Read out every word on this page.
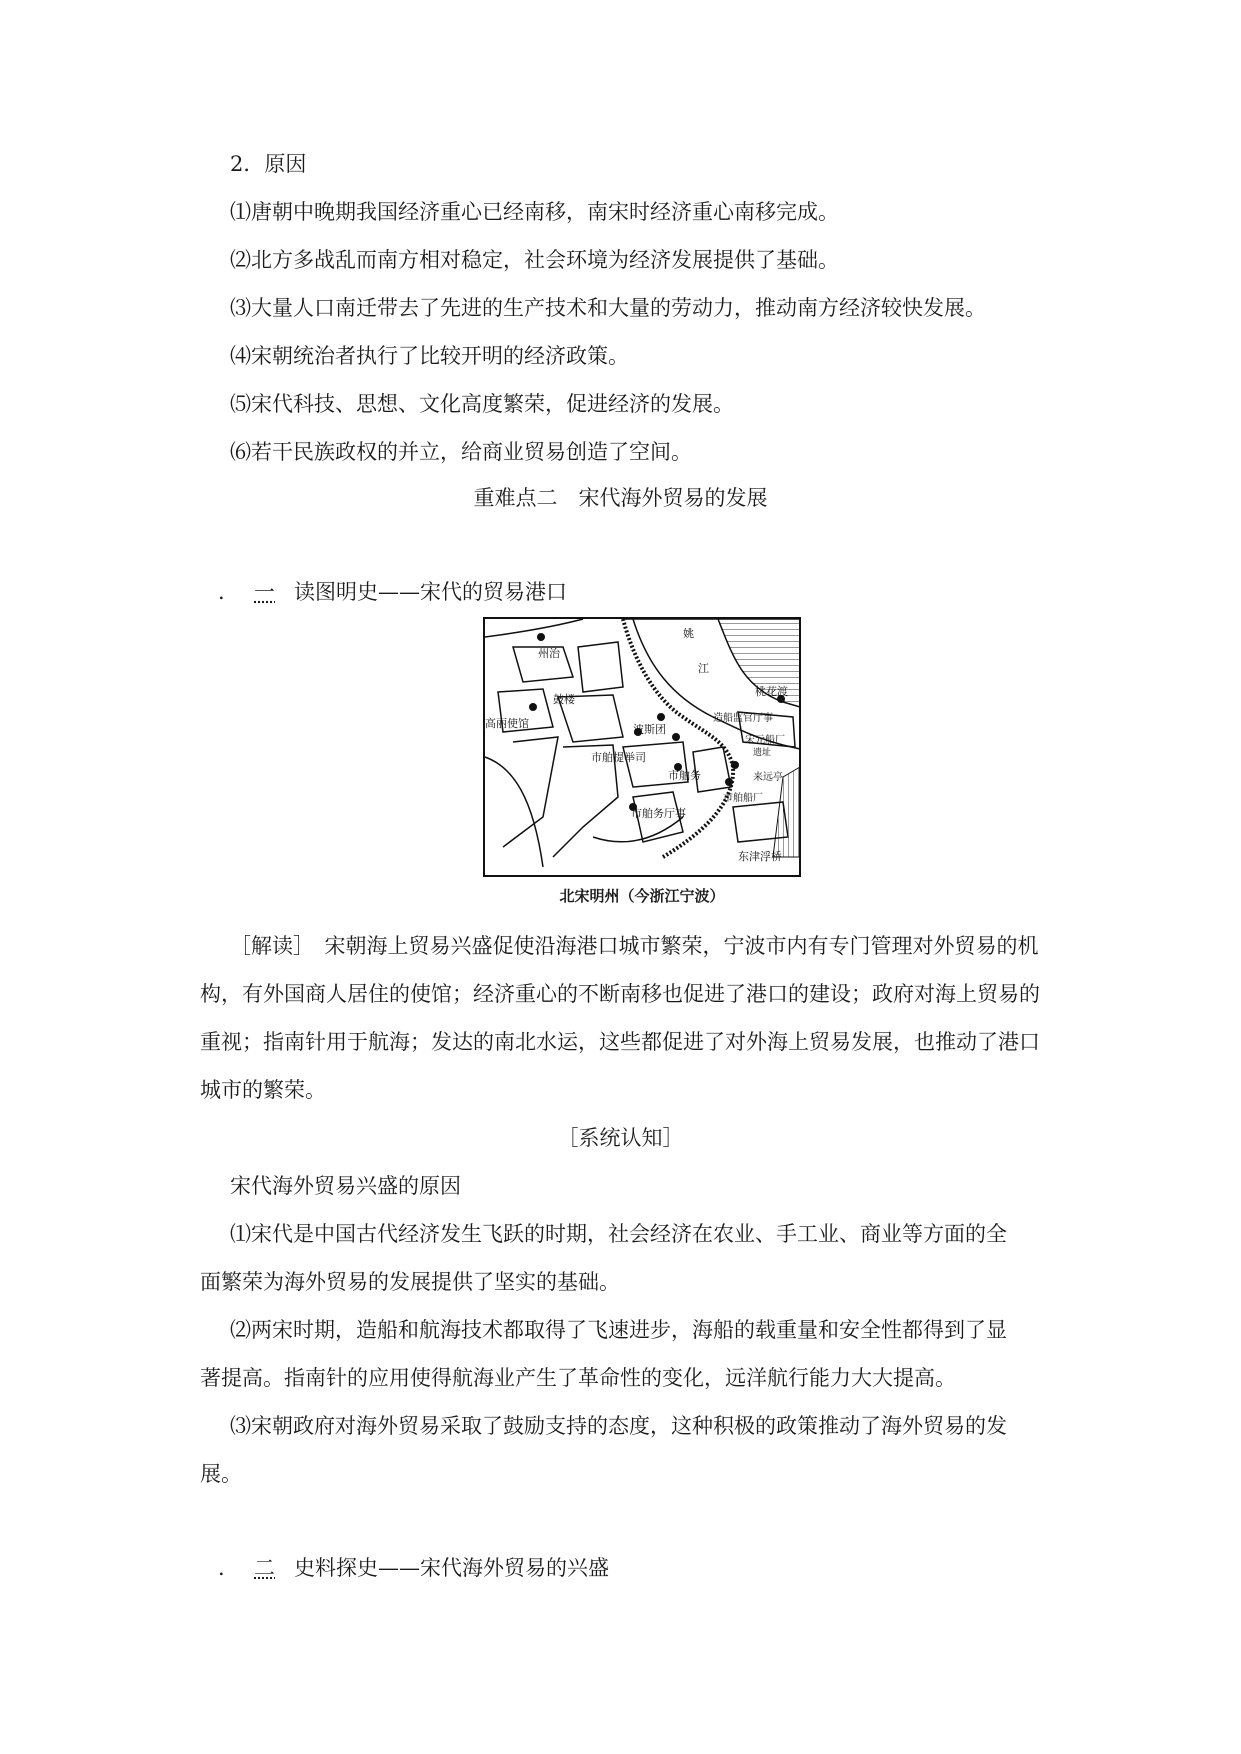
2．原因
⑴唐朝中晚期我国经济重心已经南移，南宋时经济重心南移完成。
⑵北方多战乱而南方相对稳定，社会环境为经济发展提供了基础。
⑶大量人口南迁带去了先进的生产技术和大量的劳动力，推动南方经济较快发展。
⑷宋朝统治者执行了比较开明的经济政策。
⑸宋代科技、思想、文化高度繁荣，促进经济的发展。
⑹若干民族政权的并立，给商业贸易创造了空间。
重难点二　宋代海外贸易的发展
. 一 读图明史——宋代的贸易港口
州治
姚
江
桃花渡
鼓楼
高丽使馆	波斯团
造船监官厅事
宋元船厂
遗址
市舶提举司
市舶务	来远亭
市舶务厅事
市舶船厂
东津浮桥
北宋明州（今浙江宁波）
［解读］　宋朝海上贸易兴盛促使沿海港口城市繁荣，宁波市内有专门管理对外贸易的机
构，有外国商人居住的使馆；经济重心的不断南移也促进了港口的建设；政府对海上贸易的
重视；指南针用于航海；发达的南北水运，这些都促进了对外海上贸易发展，也推动了港口
城市的繁荣。
［系统认知］
宋代海外贸易兴盛的原因
⑴宋代是中国古代经济发生飞跃的时期，社会经济在农业、手工业、商业等方面的全
面繁荣为海外贸易的发展提供了坚实的基础。
⑵两宋时期，造船和航海技术都取得了飞速进步，海船的载重量和安全性都得到了显
著提高。指南针的应用使得航海业产生了革命性的变化，远洋航行能力大大提高。
⑶宋朝政府对海外贸易采取了鼓励支持的态度，这种积极的政策推动了海外贸易的发
展。
. 二 史料探史——宋代海外贸易的兴盛
